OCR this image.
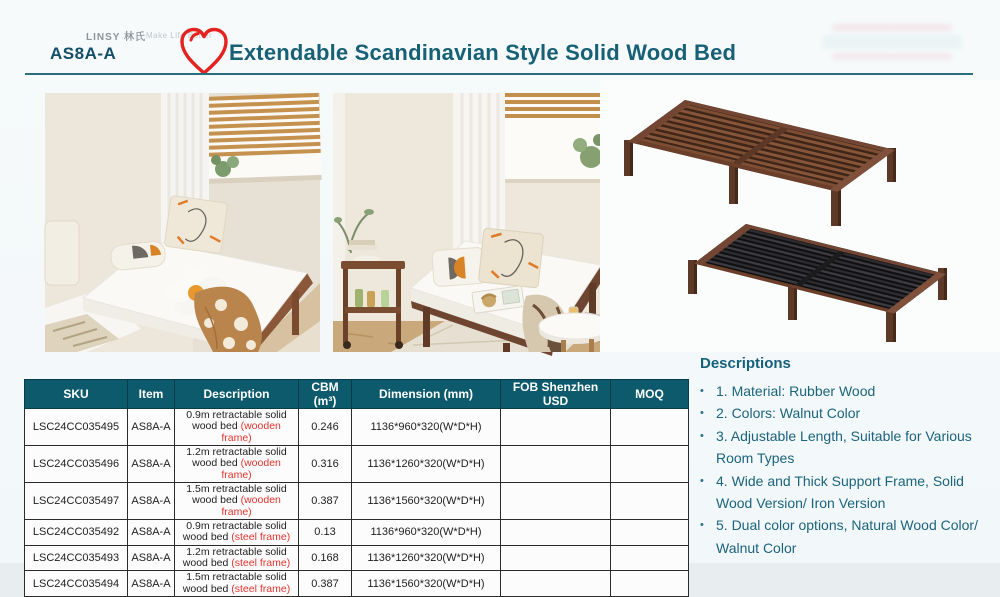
LINSY 林氏 Make Life Better
AS8A-A	Extendable Scandinavian Style Solid Wood Bed
SKU	Item	Description	CBM (m³)	Dimension (mm)	FOB Shenzhen USD	MOQ
LSC24CC035495	AS8A-A	0.9m retractable solid wood bed (wooden frame)	0.246	1136*960*320(W*D*H)		
LSC24CC035496	AS8A-A	1.2m retractable solid wood bed (wooden frame)	0.316	1136*1260*320(W*D*H)		
LSC24CC035497	AS8A-A	1.5m retractable solid wood bed (wooden frame)	0.387	1136*1560*320(W*D*H)		
LSC24CC035492	AS8A-A	0.9m retractable solid wood bed (steel frame)	0.13	1136*960*320(W*D*H)		
LSC24CC035493	AS8A-A	1.2m retractable solid wood bed (steel frame)	0.168	1136*1260*320(W*D*H)		
LSC24CC035494	AS8A-A	1.5m retractable solid wood bed (steel frame)	0.387	1136*1560*320(W*D*H)		
Descriptions
• 1. Material: Rubber Wood
• 2. Colors: Walnut Color
• 3. Adjustable Length, Suitable for Various Room Types
• 4. Wide and Thick Support Frame, Solid Wood Version/ Iron Version
• 5. Dual color options, Natural Wood Color/ Walnut Color
